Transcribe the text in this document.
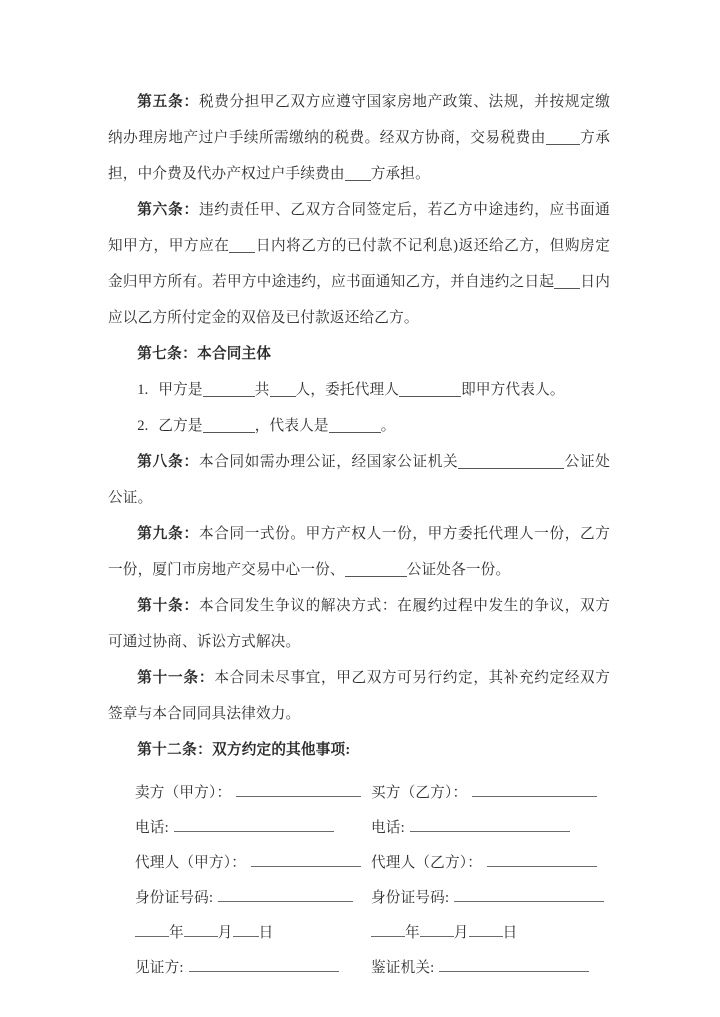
第五条：税费分担甲乙双方应遵守国家房地产政策、法规，并按规定缴纳办理房地产过户手续所需缴纳的税费。经双方协商，交易税费由 方承担，中介费及代办产权过户手续费由 方承担。

第六条：违约责任甲、乙双方合同签定后，若乙方中途违约，应书面通知甲方，甲方应在 日内将乙方的已付款不记利息)返还给乙方，但购房定金归甲方所有。若甲方中途违约，应书面通知乙方，并自违约之日起 日内应以乙方所付定金的双倍及已付款返还给乙方。

第七条：本合同主体

1. 甲方是	共 人，委托代理人	即甲方代表人。
2. 乙方是	，代表人是	。

第八条：本合同如需办理公证，经国家公证机关	公证处公证。

第九条：本合同一式份。甲方产权人一份，甲方委托代理人一份，乙方一份，厦门市房地产交易中心一份、	公证处各一份。

第十条：本合同发生争议的解决方式：在履约过程中发生的争议，双方可通过协商、诉讼方式解决。

第十一条：本合同未尽事宜，甲乙双方可另行约定，其补充约定经双方签章与本合同同具法律效力。

第十二条：双方约定的其他事项:

卖方（甲方）：	买方（乙方）：
电话:	电话:
代理人（甲方）：	代理人（乙方）：
身份证号码:	身份证号码:
年 月 日	年 月 日
见证方:	鉴证机关:
